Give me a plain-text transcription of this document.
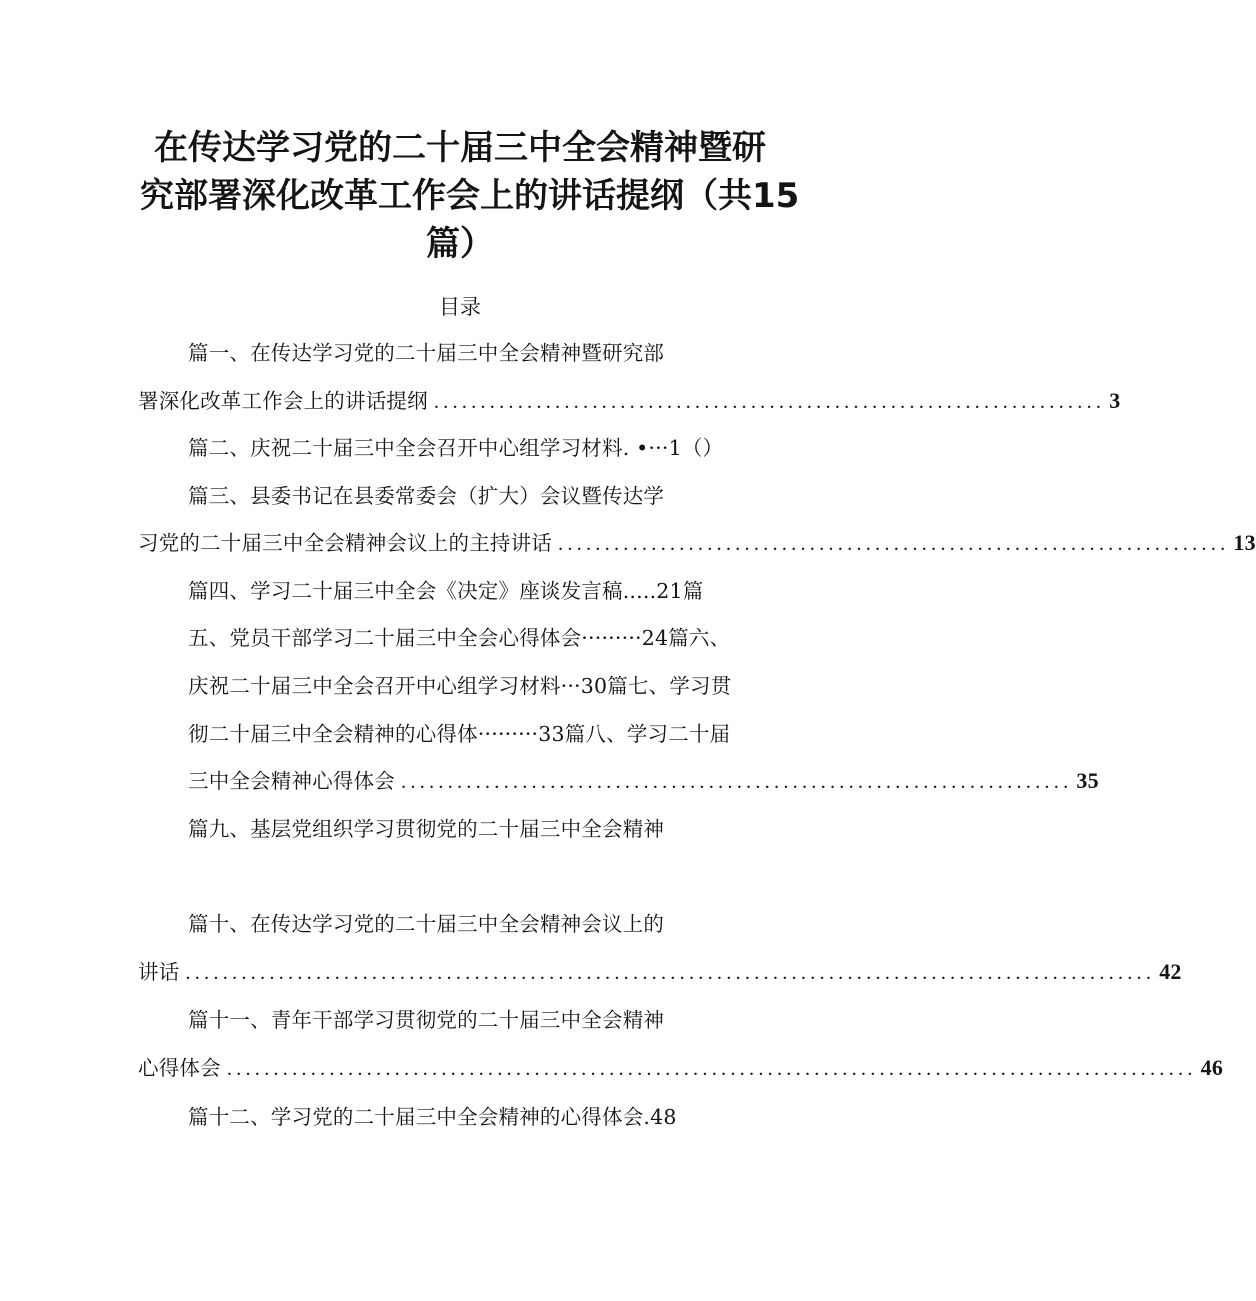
在传达学习党的二十届三中全会精神暨研
究部署深化改革工作会上的讲话提纲（共15
篇）
目录
篇一、在传达学习党的二十届三中全会精神暨研究部
署深化改革工作会上的讲话提纲 ........................................................................ 3
篇二、庆祝二十届三中全会召开中心组学习材料. •···1（）
篇三、县委书记在县委常委会（扩大）会议暨传达学
习党的二十届三中全会精神会议上的主持讲话 ........................................................................ 13
篇四、学习二十届三中全会《决定》座谈发言稿.....21篇
五、党员干部学习二十届三中全会心得体会·········24篇六、
庆祝二十届三中全会召开中心组学习材料···30篇七、学习贯
彻二十届三中全会精神的心得体·········33篇八、学习二十届
三中全会精神心得体会 ........................................................................ 35
篇九、基层党组织学习贯彻党的二十届三中全会精神
篇十、在传达学习党的二十届三中全会精神会议上的
讲话 ........................................................................................................ 42
篇十一、青年干部学习贯彻党的二十届三中全会精神
心得体会 ........................................................................................................ 46
篇十二、学习党的二十届三中全会精神的心得体会.48
